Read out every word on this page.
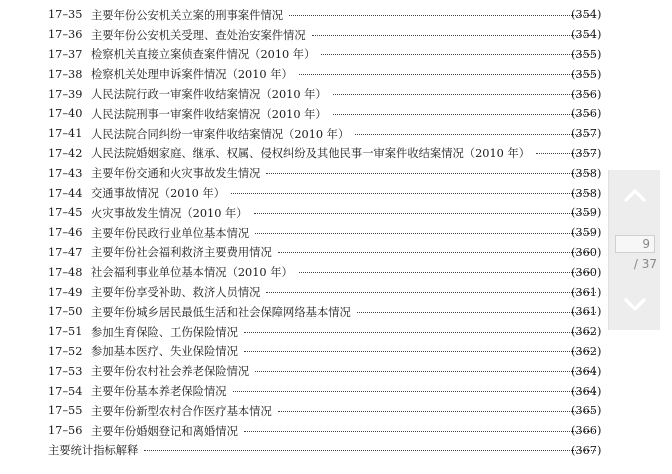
17–35 主要年份公安机关立案的刑事案件情况	(354)
17–36 主要年份公安机关受理、查处治安案件情况	(354)
17–37 检察机关直接立案侦查案件情况（2010 年）	(355)
17–38 检察机关处理申诉案件情况（2010 年）	(355)
17–39 人民法院行政一审案件收结案情况（2010 年）	(356)
17–40 人民法院刑事一审案件收结案情况（2010 年）	(356)
17–41 人民法院合同纠纷一审案件收结案情况（2010 年）	(357)
17–42 人民法院婚姻家庭、继承、权属、侵权纠纷及其他民事一审案件收结案情况（2010 年）	(357)
17–43 主要年份交通和火灾事故发生情况	(358)
17–44 交通事故情况（2010 年）	(358)
17–45 火灾事故发生情况（2010 年）	(359)
17–46 主要年份民政行业单位基本情况	(359)
17–47 主要年份社会福利救济主要费用情况	(360)
17–48 社会福利事业单位基本情况（2010 年）	(360)
17–49 主要年份享受补助、救济人员情况	(361)
17–50 主要年份城乡居民最低生活和社会保障网络基本情况	(361)
17–51 参加生育保险、工伤保险情况	(362)
17–52 参加基本医疗、失业保险情况	(362)
17–53 主要年份农村社会养老保险情况	(364)
17–54 主要年份基本养老保险情况	(364)
17–55 主要年份新型农村合作医疗基本情况	(365)
17–56 主要年份婚姻登记和离婚情况	(366)
主要统计指标解释	(367)
9
/ 37
